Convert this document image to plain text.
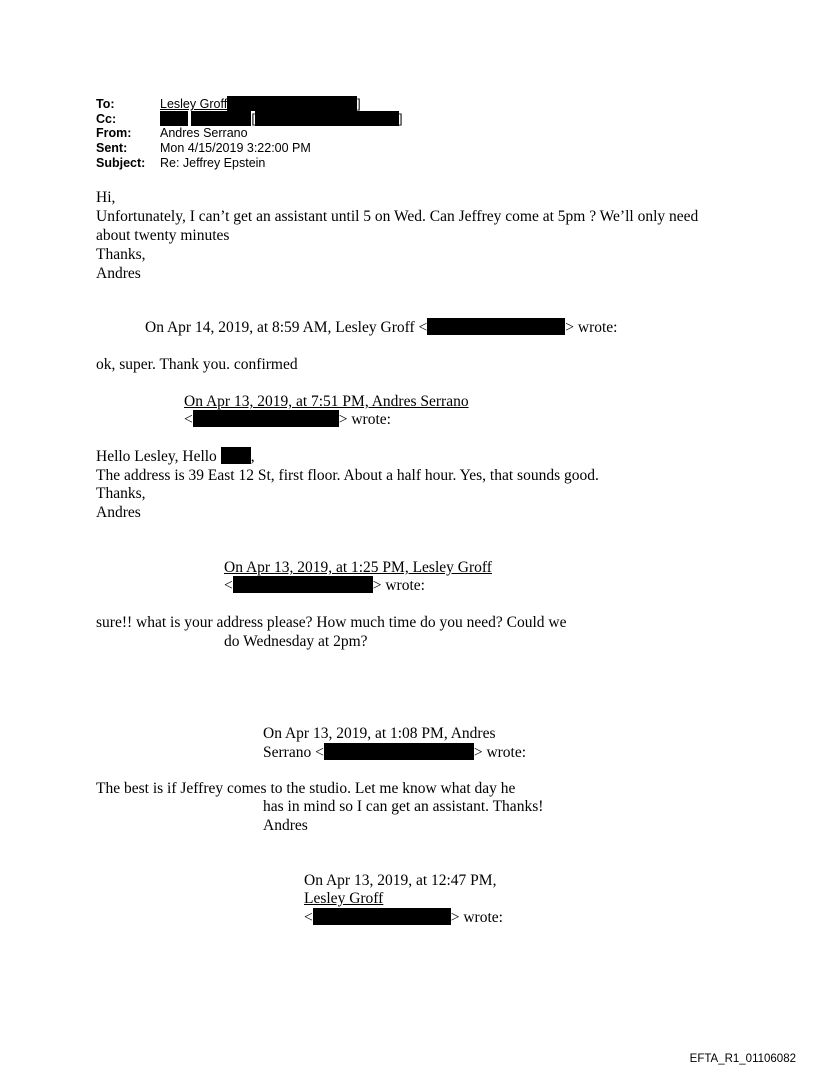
To:	Lesley Groff	]
Cc:	[	]
From: Andres Serrano
Sent:	Mon 4/15/2019 3:22:00 PM
Subject: Re: Jeffrey Epstein
Hi,
Unfortunately, I can’t get an assistant until 5 on Wed. Can Jeffrey come at 5pm ? We’ll only need
about twenty minutes
Thanks,
Andres
On Apr 14, 2019, at 8:59 AM, Lesley Groff <	> wrote:
ok, super. Thank you. confirmed
On Apr 13, 2019, at 7:51 PM, Andres Serrano
<	> wrote:
Hello Lesley, Hello ,
The address is 39 East 12 St, first floor. About a half hour. Yes, that sounds good.
Thanks,
Andres
On Apr 13, 2019, at 1:25 PM, Lesley Groff
<	> wrote:
sure!! what is your address please? How much time do you need? Could we
do Wednesday at 2pm?
On Apr 13, 2019, at 1:08 PM, Andres
Serrano <	> wrote:
The best is if Jeffrey comes to the studio. Let me know what day he
has in mind so I can get an assistant. Thanks!
Andres
On Apr 13, 2019, at 12:47 PM,
Lesley Groff
<	> wrote:
EFTA_R1_01106082
